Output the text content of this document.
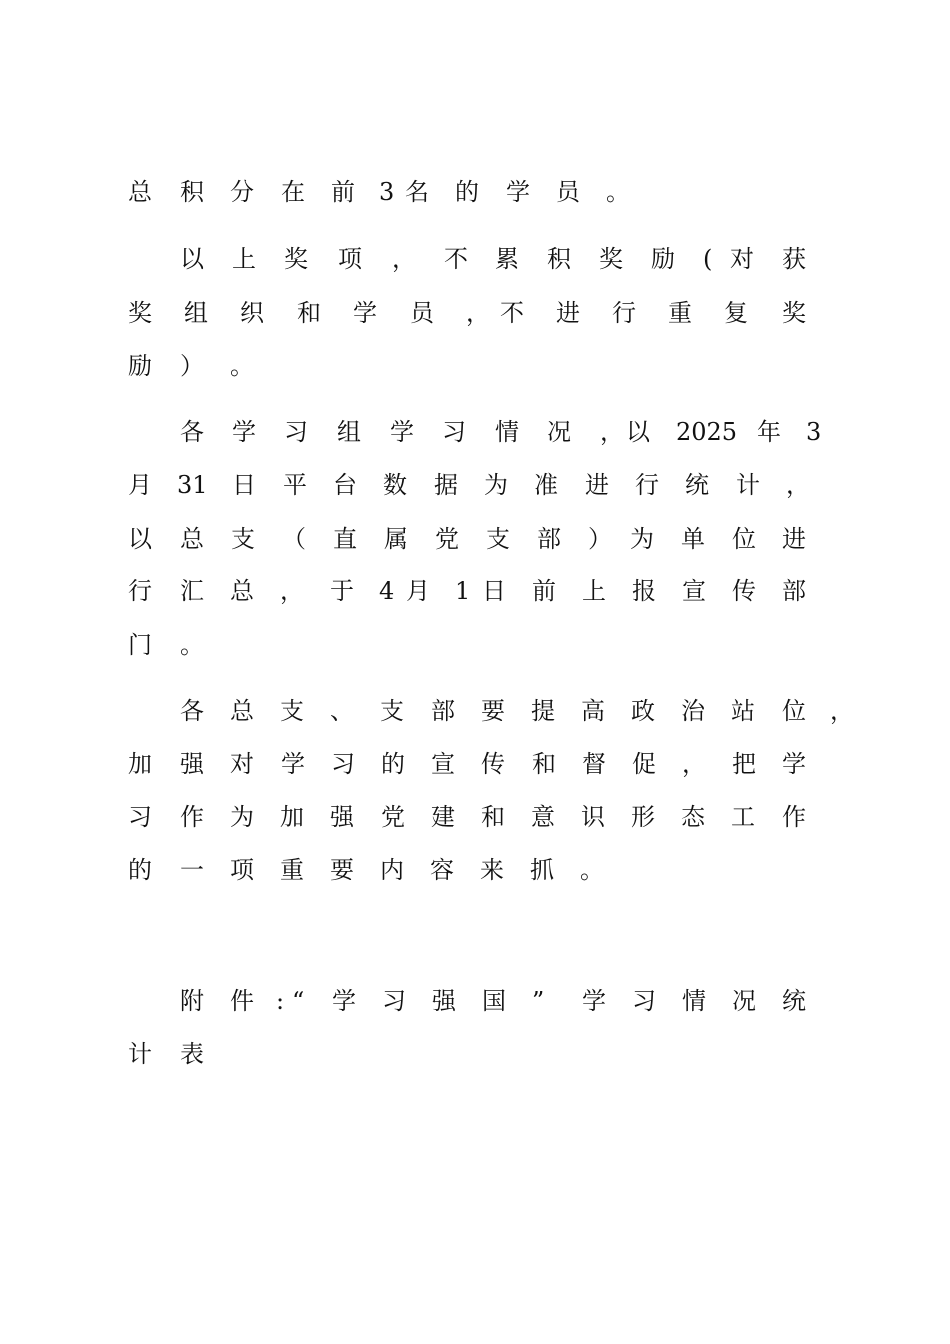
总 积 分 在 前 3 名 的 学 员 。

以 上 奖 项 ， 不 累 积 奖 励 ( 对 获

奖 组 织 和 学 员 ， 不 进 行 重 复 奖

励 ） 。

各 学 习 组 学 习 情 况 ， 以 2025 年 3

月 31 日 平 台 数 据 为 准 进 行 统 计 ，

以 总 支 （ 直 属 党 支 部 ） 为 单 位 进

行 汇 总 ， 于 4 月 1 日 前 上 报 宣 传 部

门 。

各 总 支 、 支 部 要 提 高 政 治 站 位 ，

加 强 对 学 习 的 宣 传 和 督 促 ， 把 学

习 作 为 加 强 党 建 和 意 识 形 态 工 作

的 一 项 重 要 内 容 来 抓 。

附 件 : “ 学 习 强 国 ” 学 习 情 况 统

计 表
